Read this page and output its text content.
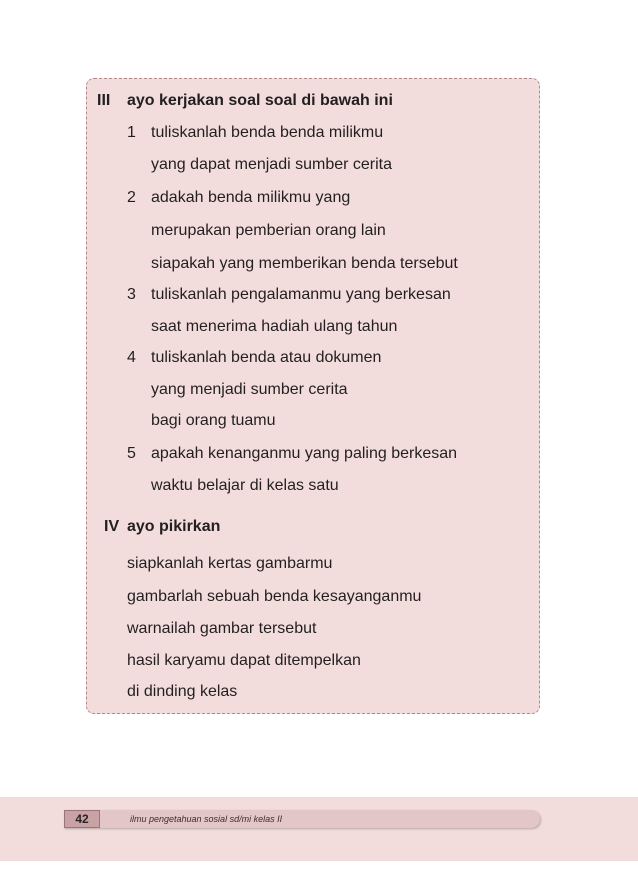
III ayo kerjakan soal soal di bawah ini
1 tuliskanlah benda benda milikmu
yang dapat menjadi sumber cerita
2 adakah benda milikmu yang
merupakan pemberian orang lain
siapakah yang memberikan benda tersebut
3 tuliskanlah pengalamanmu yang berkesan
saat menerima hadiah ulang tahun
4 tuliskanlah benda atau dokumen
yang menjadi sumber cerita
bagi orang tuamu
5 apakah kenanganmu yang paling berkesan
waktu belajar di kelas satu
IV ayo pikirkan
siapkanlah kertas gambarmu
gambarlah sebuah benda kesayanganmu
warnailah gambar tersebut
hasil karyamu dapat ditempelkan
di dinding kelas
42	ilmu pengetahuan sosial sd/mi kelas II
